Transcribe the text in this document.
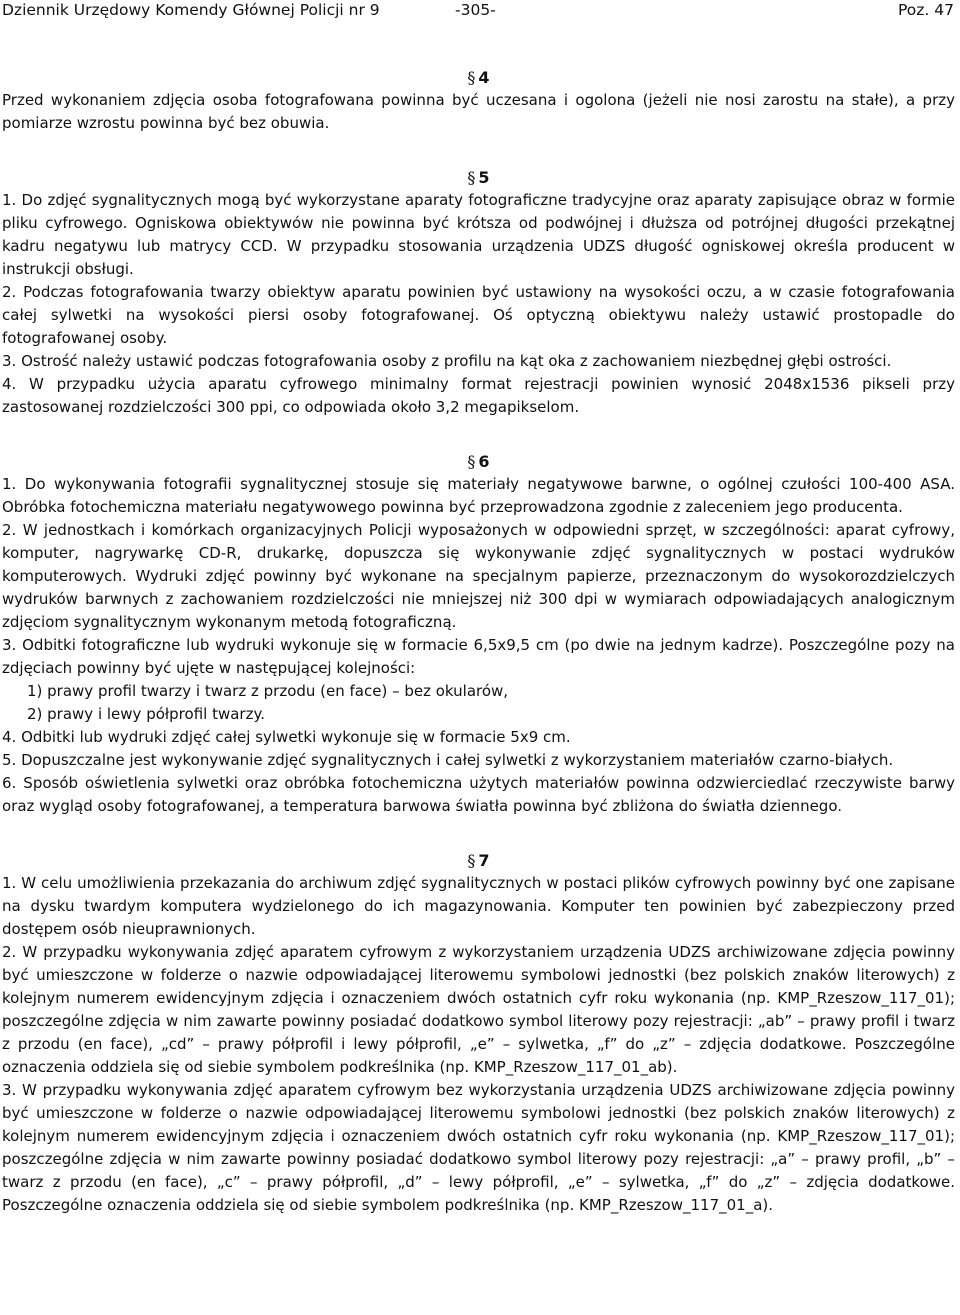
Dziennik Urzędowy Komendy Głównej Policji nr 9	-305-	Poz. 47
§ 4

Przed wykonaniem zdjęcia osoba fotografowana powinna być uczesana i ogolona (jeżeli nie nosi zarostu na stałe), a przy pomiarze wzrostu powinna być bez obuwia.

§ 5

1. Do zdjęć sygnalitycznych mogą być wykorzystane aparaty fotograficzne tradycyjne oraz aparaty zapisujące obraz w formie pliku cyfrowego. Ogniskowa obiektywów nie powinna być krótsza od podwójnej i dłuższa od potrójnej długości przekątnej kadru negatywu lub matrycy CCD. W przypadku stosowania urządzenia UDZS długość ogniskowej określa producent w instrukcji obsługi.

2. Podczas fotografowania twarzy obiektyw aparatu powinien być ustawiony na wysokości oczu, a w czasie fotografowania całej sylwetki na wysokości piersi osoby fotografowanej. Oś optyczną obiektywu należy ustawić prostopadle do fotografowanej osoby.

3. Ostrość należy ustawić podczas fotografowania osoby z profilu na kąt oka z zachowaniem niezbędnej głębi ostrości.

4. W przypadku użycia aparatu cyfrowego minimalny format rejestracji powinien wynosić 2048x1536 pikseli przy zastosowanej rozdzielczości 300 ppi, co odpowiada około 3,2 megapikselom.

§ 6

1. Do wykonywania fotografii sygnalitycznej stosuje się materiały negatywowe barwne, o ogólnej czułości 100-400 ASA. Obróbka fotochemiczna materiału negatywowego powinna być przeprowadzona zgodnie z zaleceniem jego producenta.

2. W jednostkach i komórkach organizacyjnych Policji wyposażonych w odpowiedni sprzęt, w szczególności: aparat cyfrowy, komputer, nagrywarkę CD-R, drukarkę, dopuszcza się wykonywanie zdjęć sygnalitycznych w postaci wydruków komputerowych. Wydruki zdjęć powinny być wykonane na specjalnym papierze, przeznaczonym do wysokorozdzielczych wydruków barwnych z zachowaniem rozdzielczości nie mniejszej niż 300 dpi w wymiarach odpowiadających analogicznym zdjęciom sygnalitycznym wykonanym metodą fotograficzną.

3. Odbitki fotograficzne lub wydruki wykonuje się w formacie 6,5x9,5 cm (po dwie na jednym kadrze). Poszczególne pozy na zdjęciach powinny być ujęte w następującej kolejności:

1) prawy profil twarzy i twarz z przodu (en face) – bez okularów,

2) prawy i lewy półprofil twarzy.

4. Odbitki lub wydruki zdjęć całej sylwetki wykonuje się w formacie 5x9 cm.

5. Dopuszczalne jest wykonywanie zdjęć sygnalitycznych i całej sylwetki z wykorzystaniem materiałów czarno-białych.

6. Sposób oświetlenia sylwetki oraz obróbka fotochemiczna użytych materiałów powinna odzwierciedlać rzeczywiste barwy oraz wygląd osoby fotografowanej, a temperatura barwowa światła powinna być zbliżona do światła dziennego.

§ 7

1. W celu umożliwienia przekazania do archiwum zdjęć sygnalitycznych w postaci plików cyfrowych powinny być one zapisane na dysku twardym komputera wydzielonego do ich magazynowania. Komputer ten powinien być zabezpieczony przed dostępem osób nieuprawnionych.

2. W przypadku wykonywania zdjęć aparatem cyfrowym z wykorzystaniem urządzenia UDZS archiwizowane zdjęcia powinny być umieszczone w folderze o nazwie odpowiadającej literowemu symbolowi jednostki (bez polskich znaków literowych) z kolejnym numerem ewidencyjnym zdjęcia i oznaczeniem dwóch ostatnich cyfr roku wykonania (np. KMP_Rzeszow_117_01); poszczególne zdjęcia w nim zawarte powinny posiadać dodatkowo symbol literowy pozy rejestracji: „ab” – prawy profil i twarz z przodu (en face), „cd” – prawy półprofil i lewy półprofil, „e” – sylwetka, „f” do „z” – zdjęcia dodatkowe. Poszczególne oznaczenia oddziela się od siebie symbolem podkreślnika (np. KMP_Rzeszow_117_01_ab).

3. W przypadku wykonywania zdjęć aparatem cyfrowym bez wykorzystania urządzenia UDZS archiwizowane zdjęcia powinny być umieszczone w folderze o nazwie odpowiadającej literowemu symbolowi jednostki (bez polskich znaków literowych) z kolejnym numerem ewidencyjnym zdjęcia i oznaczeniem dwóch ostatnich cyfr roku wykonania (np. KMP_Rzeszow_117_01); poszczególne zdjęcia w nim zawarte powinny posiadać dodatkowo symbol literowy pozy rejestracji: „a” – prawy profil, „b” – twarz z przodu (en face), „c” – prawy półprofil, „d” – lewy półprofil, „e” – sylwetka, „f” do „z” – zdjęcia dodatkowe. Poszczególne oznaczenia oddziela się od siebie symbolem podkreślnika (np. KMP_Rzeszow_117_01_a).
